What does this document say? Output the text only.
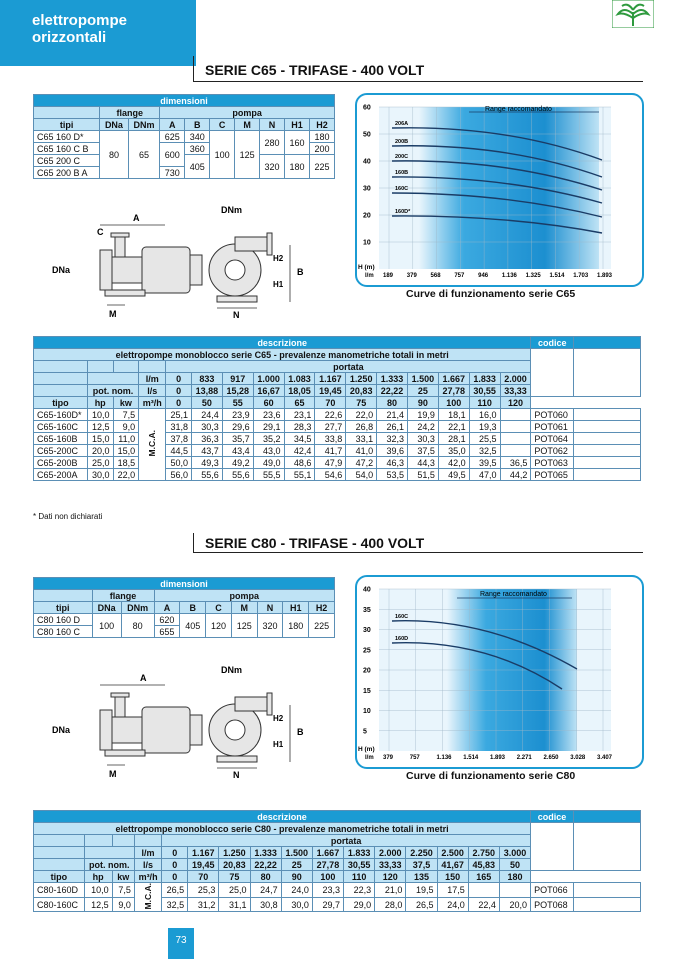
elettropompe
orizzontali
SERIE C65 - TRIFASE - 400 VOLT
dimensioni									
	flange		pompa						
tipi	DNa	DNm	A	B	C	M	N	H1	H2
C65 160 D*	80	65	625	340	100	125	280	160	180
C65 160 C B			600	360					200
C65 200 C				405			320	180	225
C65 200 B A			730						
A
C
DNa
DNm
M	N
B
H2
H1
Range raccomandato
60
50
40
30
20
10
189 379 568 757 946 1.136 1.325 1.514 1.703 1.893
206A
200B
200C
160B
160C
160D*
H (m)
l/m
Curve di funzionamento serie C65
descrizione																codice	
elettropompe monoblocco serie C65 - prevalenze manometriche totali in metri																	
				portata													
			l/m	0	833	917	1.000	1.083	1.167	1.250	1.333	1.500	1.667	1.833	2.000		
	pot. nom.		l/s	0	13,88	15,28	16,67	18,05	19,45	20,83	22,22	25	27,78	30,55	33,33		
tipo	hp	kw	m³/h	0	50	55	60	65	70	75	80	90	100	110	120		
C65-160D*	10,0	7,5	M.C.A.	25,1	24,4	23,9	23,6	23,1	22,6	22,0	21,4	19,9	18,1	16,0		POT060	
C65-160C	12,5	9,0		31,8	30,3	29,6	29,1	28,3	27,7	26,8	26,1	24,2	22,1	19,3		POT061	
C65-160B	15,0	11,0		37,8	36,3	35,7	35,2	34,5	33,8	33,1	32,3	30,3	28,1	25,5		POT064	
C65-200C	20,0	15,0		44,5	43,7	43,4	43,0	42,4	41,7	41,0	39,6	37,5	35,0	32,5		POT062	
C65-200B	25,0	18,5		50,0	49,3	49,2	49,0	48,6	47,9	47,2	46,3	44,3	42,0	39,5	36,5	POT063	
C65-200A	30,0	22,0		56,0	55,6	55,6	55,5	55,1	54,6	54,0	53,5	51,5	49,5	47,0	44,2	POT065	
* Dati non dichiarati
SERIE C80 - TRIFASE - 400 VOLT
dimensioni									
	flange		pompa						
tipi	DNa	DNm	A	B	C	M	N	H1	H2
C80 160 D	100	80	620	405	120	125	320	180	225
C80 160 C			655						
A
DNa
DNm
M	N
B
H2
H1
Range raccomandato
40
35
30
25
20
15
10
5
379	757	1.136 1.514 1.893 2.271 2.650 3.028 3.407
160C
160D
H (m)
l/m
Curve di funzionamento serie C80
descrizione																codice	
elettropompe monoblocco serie C80 - prevalenze manometriche totali in metri																	
				portata													
			l/m	0	1.167	1.250	1.333	1.500	1.667	1.833	2.000	2.250	2.500	2.750	3.000		
	pot. nom.		l/s	0	19,45	20,83	22,22	25	27,78	30,55	33,33	37,5	41,67	45,83	50		
tipo	hp	kw	m³/h	0	70	75	80	90	100	110	120	135	150	165	180		
C80-160D	10,0	7,5	M.C.A.	26,5	25,3	25,0	24,7	24,0	23,3	22,3	21,0	19,5	17,5			POT066	
C80-160C	12,5	9,0		32,5	31,2	31,1	30,8	30,0	29,7	29,0	28,0	26,5	24,0	22,4	20,0	POT068	
73
